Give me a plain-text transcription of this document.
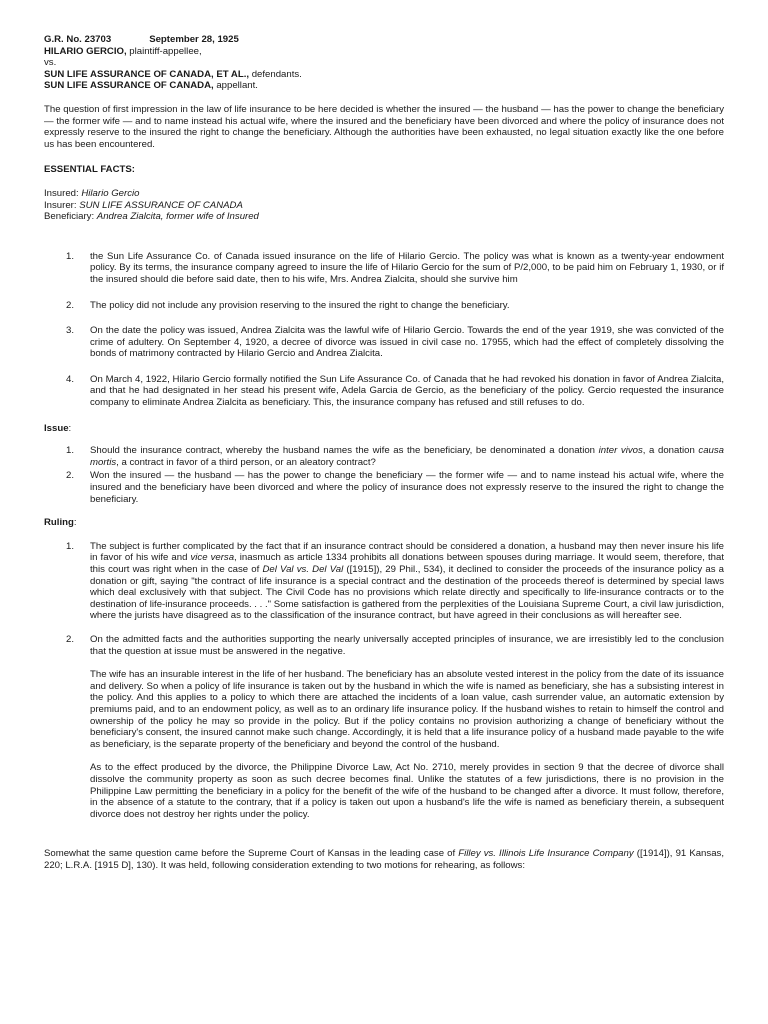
G.R. No. 23703	September 28, 1925
HILARIO GERCIO, plaintiff-appellee,
vs.
SUN LIFE ASSURANCE OF CANADA, ET AL., defendants.
SUN LIFE ASSURANCE OF CANADA, appellant.

The question of first impression in the law of life insurance to be here decided is whether the insured — the husband — has the power to change the beneficiary — the former wife — and to name instead his actual wife, where the insured and the beneficiary have been divorced and where the policy of insurance does not expressly reserve to the insured the right to change the beneficiary. Although the authorities have been exhausted, no legal situation exactly like the one before us has been encountered.

ESSENTIAL FACTS:
Insured: Hilario Gercio
Insurer: SUN LIFE ASSURANCE OF CANADA
Beneficiary: Andrea Zialcita, former wife of Insured
1.	the Sun Life Assurance Co. of Canada issued insurance on the life of Hilario Gercio. The policy was what is known as a twenty-year endowment policy. By its terms, the insurance company agreed to insure the life of Hilario Gercio for the sum of P/2,000, to be paid him on February 1, 1930, or if the insured should die before said date, then to his wife, Mrs. Andrea Zialcita, should she survive him
2.	The policy did not include any provision reserving to the insured the right to change the beneficiary.
3.	On the date the policy was issued, Andrea Zialcita was the lawful wife of Hilario Gercio. Towards the end of the year 1919, she was convicted of the crime of adultery. On September 4, 1920, a decree of divorce was issued in civil case no. 17955, which had the effect of completely dissolving the bonds of matrimony contracted by Hilario Gercio and Andrea Zialcita.
4.	On March 4, 1922, Hilario Gercio formally notified the Sun Life Assurance Co. of Canada that he had revoked his donation in favor of Andrea Zialcita, and that he had designated in her stead his present wife, Adela Garcia de Gercio, as the beneficiary of the policy. Gercio requested the insurance company to eliminate Andrea Zialcita as beneficiary. This, the insurance company has refused and still refuses to do.
Issue:
1.	Should the insurance contract, whereby the husband names the wife as the beneficiary, be denominated a donation inter vivos, a donation causa mortis, a contract in favor of a third person, or an aleatory contract?
2.	Won the insured — the husband — has the power to change the beneficiary — the former wife — and to name instead his actual wife, where the insured and the beneficiary have been divorced and where the policy of insurance does not expressly reserve to the insured the right to change the beneficiary.
Ruling:
1.	The subject is further complicated by the fact that if an insurance contract should be considered a donation, a husband may then never insure his life in favor of his wife and vice versa, inasmuch as article 1334 prohibits all donations between spouses during marriage. It would seem, therefore, that this court was right when in the case of Del Val vs. Del Val ([1915]), 29 Phil., 534), it declined to consider the proceeds of the insurance policy as a donation or gift, saying "the contract of life insurance is a special contract and the destination of the proceeds thereof is determined by special laws which deal exclusively with that subject. The Civil Code has no provisions which relate directly and specifically to life-insurance contracts or to the destination of life-insurance proceeds. . . ." Some satisfaction is gathered from the perplexities of the Louisiana Supreme Court, a civil law jurisdiction, where the jurists have disagreed as to the classification of the insurance contract, but have agreed in their conclusions as will hereafter see.
2.	On the admitted facts and the authorities supporting the nearly universally accepted principles of insurance, we are irresistibly led to the conclusion that the question at issue must be answered in the negative.

The wife has an insurable interest in the life of her husband. The beneficiary has an absolute vested interest in the policy from the date of its issuance and delivery. So when a policy of life insurance is taken out by the husband in which the wife is named as beneficiary, she has a subsisting interest in the policy. And this applies to a policy to which there are attached the incidents of a loan value, cash surrender value, an automatic extension by premiums paid, and to an endowment policy, as well as to an ordinary life insurance policy. If the husband wishes to retain to himself the control and ownership of the policy he may so provide in the policy. But if the policy contains no provision authorizing a change of beneficiary without the beneficiary's consent, the insured cannot make such change. Accordingly, it is held that a life insurance policy of a husband made payable to the wife as beneficiary, is the separate property of the beneficiary and beyond the control of the husband.

As to the effect produced by the divorce, the Philippine Divorce Law, Act No. 2710, merely provides in section 9 that the decree of divorce shall dissolve the community property as soon as such decree becomes final. Unlike the statutes of a few jurisdictions, there is no provision in the Philippine Law permitting the beneficiary in a policy for the benefit of the wife of the husband to be changed after a divorce. It must follow, therefore, in the absence of a statute to the contrary, that if a policy is taken out upon a husband's life the wife is named as beneficiary therein, a subsequent divorce does not destroy her rights under the policy.

Somewhat the same question came before the Supreme Court of Kansas in the leading case of Filley vs. Illinois Life Insurance Company ([1914]), 91 Kansas, 220; L.R.A. [1915 D], 130). It was held, following consideration extending to two motions for rehearing, as follows:
